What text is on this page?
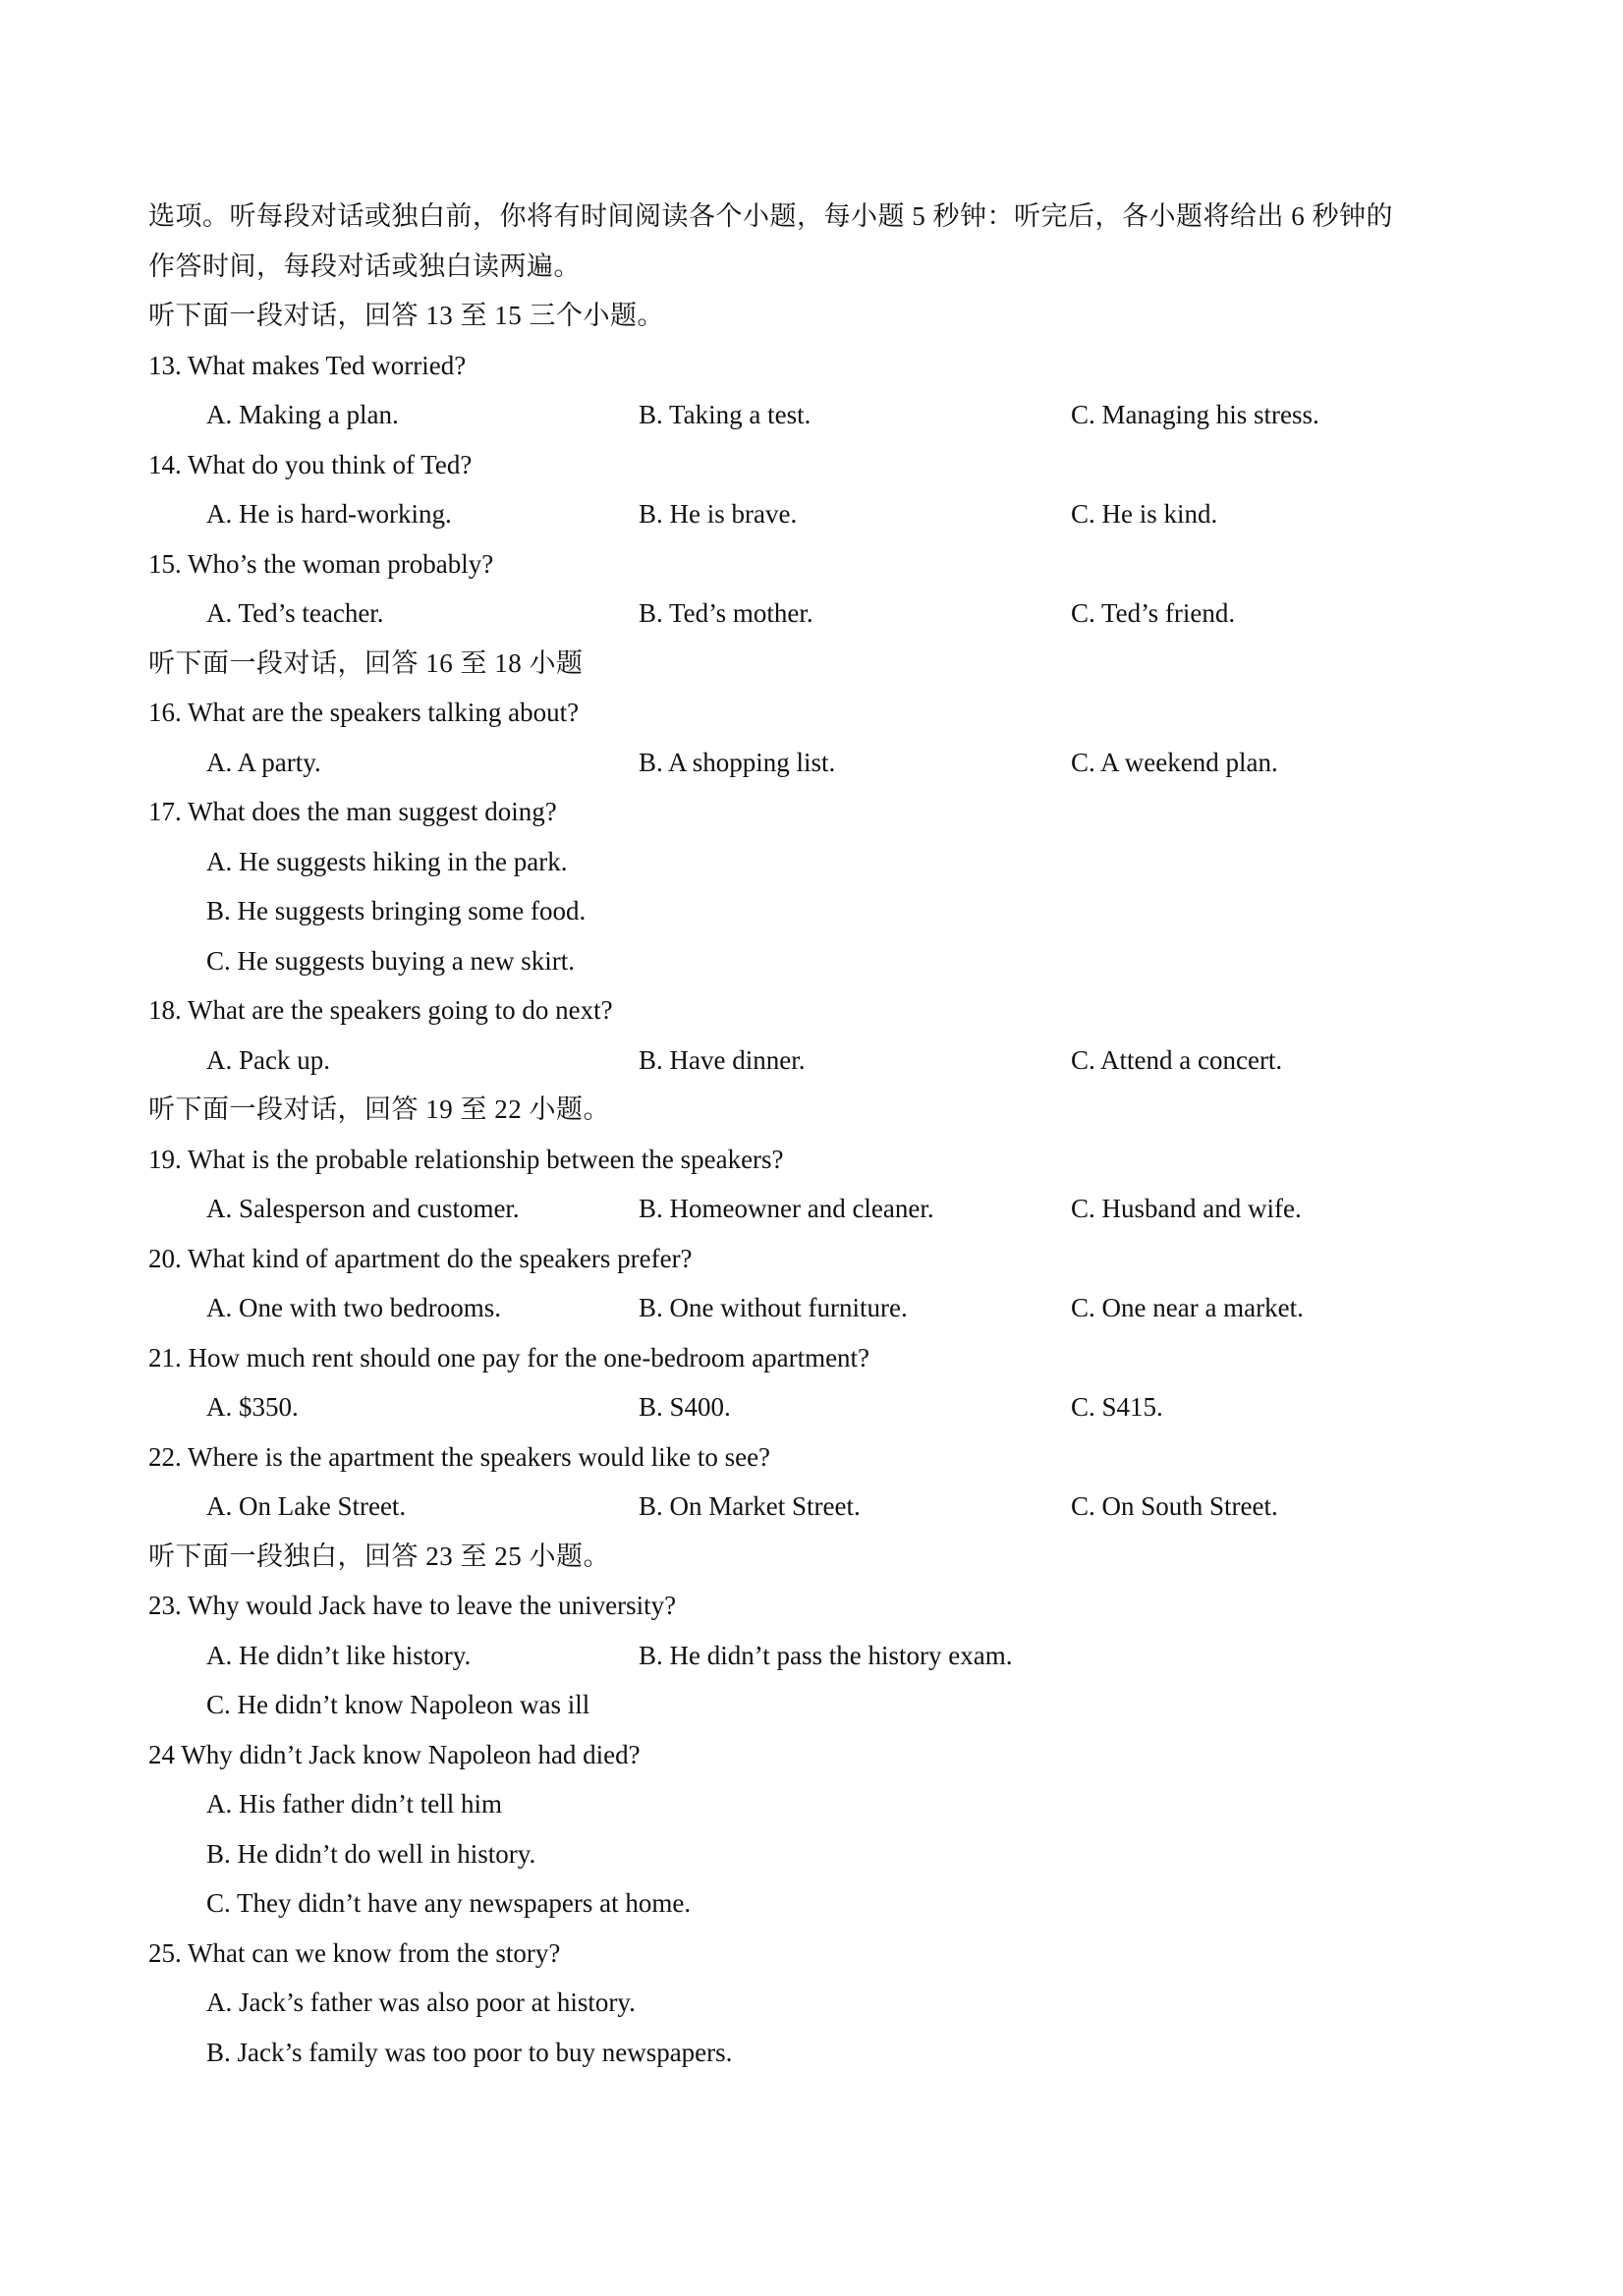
选项。听每段对话或独白前，你将有时间阅读各个小题，每小题 5 秒钟：听完后，各小题将给出 6 秒钟的
作答时间，每段对话或独白读两遍。
听下面一段对话，回答 13 至 15 三个小题。
13. What makes Ted worried?
A. Making a plan.	B. Taking a test.	C. Managing his stress.
14. What do you think of Ted?
A. He is hard-working.	B. He is brave.	C. He is kind.
15. Who’s the woman probably?
A. Ted’s teacher.	B. Ted’s mother.	C. Ted’s friend.
听下面一段对话，回答 16 至 18 小题
16. What are the speakers talking about?
A. A party.	B. A shopping list.	C. A weekend plan.
17. What does the man suggest doing?
A. He suggests hiking in the park.
B. He suggests bringing some food.
C. He suggests buying a new skirt.
18. What are the speakers going to do next?
A. Pack up.	B. Have dinner.	C. Attend a concert.
听下面一段对话，回答 19 至 22 小题。
19. What is the probable relationship between the speakers?
A. Salesperson and customer.	B. Homeowner and cleaner.	C. Husband and wife.
20. What kind of apartment do the speakers prefer?
A. One with two bedrooms.	B. One without furniture.	C. One near a market.
21. How much rent should one pay for the one-bedroom apartment?
A. $350.	B. S400.	C. S415.
22. Where is the apartment the speakers would like to see?
A. On Lake Street.	B. On Market Street.	C. On South Street.
听下面一段独白，回答 23 至 25 小题。
23. Why would Jack have to leave the university?
A. He didn’t like history.	B. He didn’t pass the history exam.
C. He didn’t know Napoleon was ill
24 Why didn’t Jack know Napoleon had died?
A. His father didn’t tell him
B. He didn’t do well in history.
C. They didn’t have any newspapers at home.
25. What can we know from the story?
A. Jack’s father was also poor at history.
B. Jack’s family was too poor to buy newspapers.
